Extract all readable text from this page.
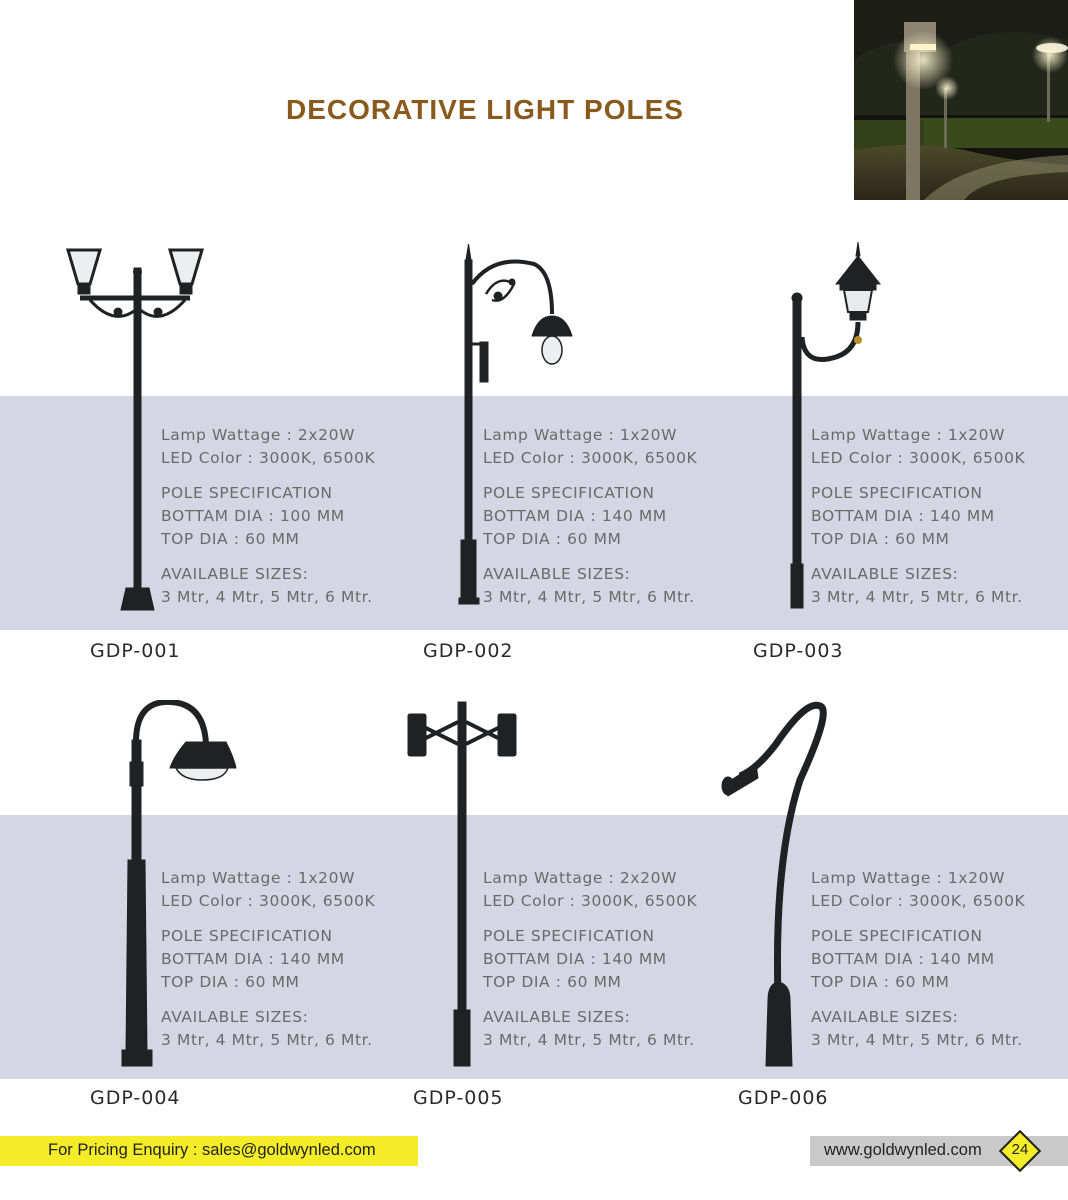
DECORATIVE LIGHT POLES
Lamp Wattage : 2x20W
LED Color : 3000K, 6500K
POLE SPECIFICATION
BOTTAM DIA : 100 MM
TOP DIA : 60 MM
AVAILABLE SIZES:
3 Mtr, 4 Mtr, 5 Mtr, 6 Mtr.
Lamp Wattage : 1x20W
LED Color : 3000K, 6500K
POLE SPECIFICATION
BOTTAM DIA : 140 MM
TOP DIA : 60 MM
AVAILABLE SIZES:
3 Mtr, 4 Mtr, 5 Mtr, 6 Mtr.
Lamp Wattage : 1x20W
LED Color : 3000K, 6500K
POLE SPECIFICATION
BOTTAM DIA : 140 MM
TOP DIA : 60 MM
AVAILABLE SIZES:
3 Mtr, 4 Mtr, 5 Mtr, 6 Mtr.
Lamp Wattage : 1x20W
LED Color : 3000K, 6500K
POLE SPECIFICATION
BOTTAM DIA : 140 MM
TOP DIA : 60 MM
AVAILABLE SIZES:
3 Mtr, 4 Mtr, 5 Mtr, 6 Mtr.
Lamp Wattage : 2x20W
LED Color : 3000K, 6500K
POLE SPECIFICATION
BOTTAM DIA : 140 MM
TOP DIA : 60 MM
AVAILABLE SIZES:
3 Mtr, 4 Mtr, 5 Mtr, 6 Mtr.
Lamp Wattage : 1x20W
LED Color : 3000K, 6500K
POLE SPECIFICATION
BOTTAM DIA : 140 MM
TOP DIA : 60 MM
AVAILABLE SIZES:
3 Mtr, 4 Mtr, 5 Mtr, 6 Mtr.
GDP-001	GDP-002	GDP-003
GDP-004	GDP-005	GDP-006
For Pricing Enquiry : sales@goldwynled.com	www.goldwynled.com	24
